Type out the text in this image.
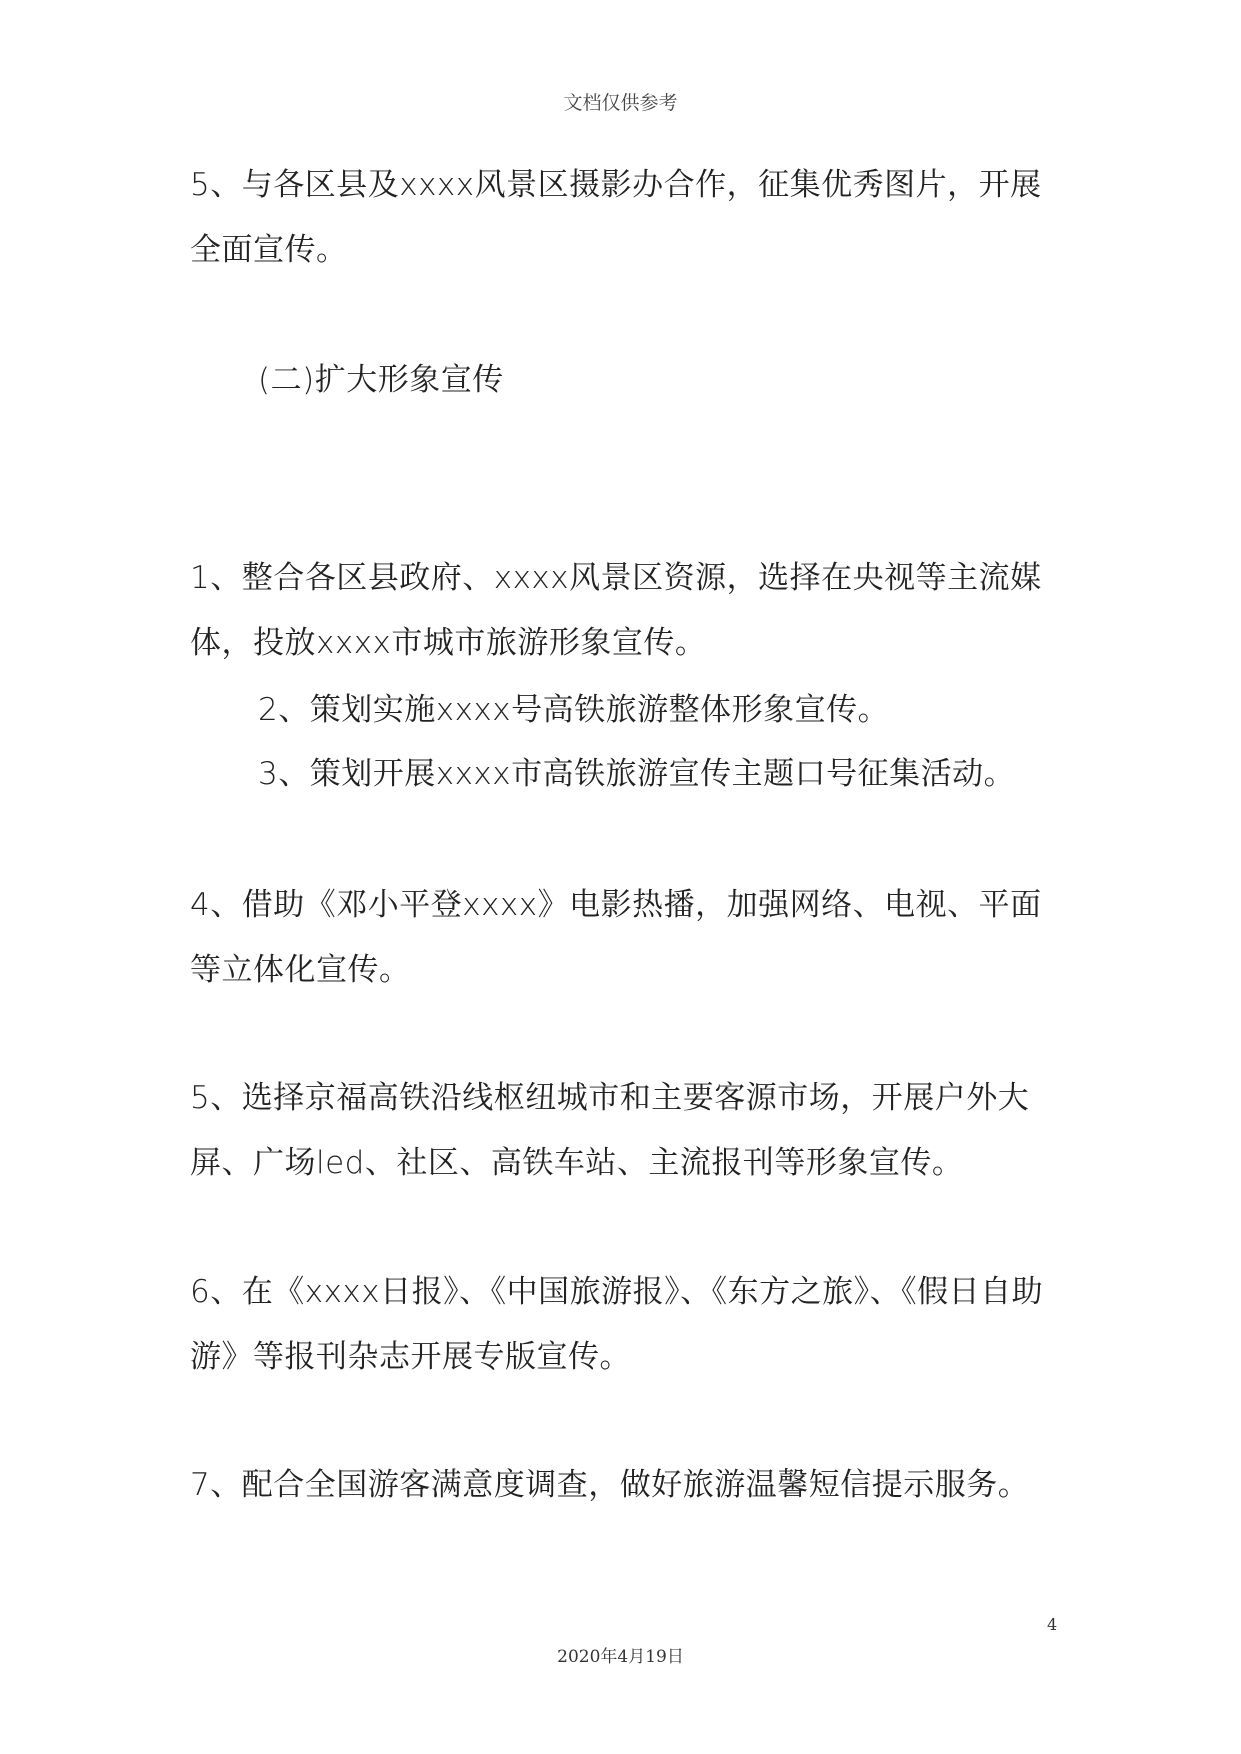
文档仅供参考
5、与各区县及xxxx风景区摄影办合作，征集优秀图片，开展全面宣传。
(二)扩大形象宣传
1、整合各区县政府、xxxx风景区资源，选择在央视等主流媒体，投放xxxx市城市旅游形象宣传。
2、策划实施xxxx号高铁旅游整体形象宣传。
3、策划开展xxxx市高铁旅游宣传主题口号征集活动。
4、借助《邓小平登xxxx》电影热播，加强网络、电视、平面等立体化宣传。
5、选择京福高铁沿线枢纽城市和主要客源市场，开展户外大屏、广场led、社区、高铁车站、主流报刊等形象宣传。
6、在《xxxx日报》、《中国旅游报》、《东方之旅》、《假日自助游》等报刊杂志开展专版宣传。
7、配合全国游客满意度调查，做好旅游温馨短信提示服务。
4
2020年4月19日
